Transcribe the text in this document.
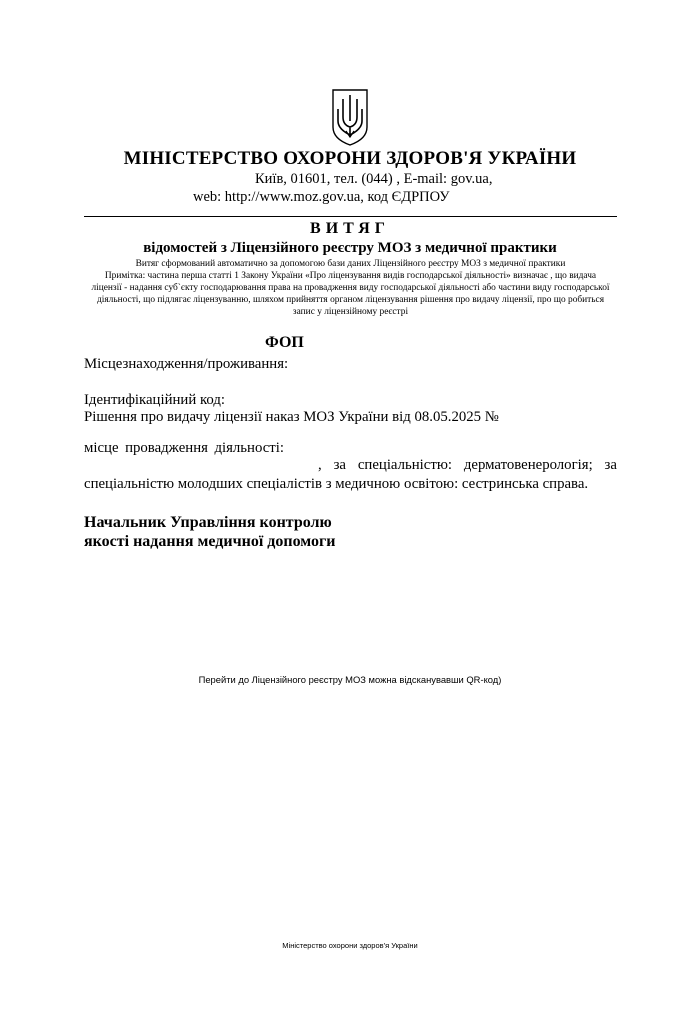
МІНІСТЕРСТВО ОХОРОНИ ЗДОРОВ'Я УКРАЇНИ
Київ, 01601, тел. (044) , E-mail: gov.ua,
web: http://www.moz.gov.ua, код ЄДРПОУ
ВИТЯГ
відомостей з Ліцензійного реєстру МОЗ з медичної практики
Витяг сформований автоматично за допомогою бази даних Ліцензійного реєстру МОЗ з медичної практики
Примітка: частина перша статті 1 Закону України «Про ліцензування видів господарської діяльності» визначає , що видача
ліцензії - надання суб`єкту господарювання права на провадження виду господарської діяльності або частини виду господарської
діяльності, що підлягає ліцензуванню, шляхом прийняття органом ліцензування рішення про видачу ліцензії, про що робиться
запис у ліцензійному реєстрі
ФОП
Місцезнаходження/проживання:
Ідентифікаційний код:
Рішення про видачу ліцензії наказ МОЗ України від 08.05.2025 №
місце провадження діяльності:
, за спеціальністю: дерматовенерологія; за
спеціальністю молодших спеціалістів з медичною освітою: сестринська справа.
Начальник Управління контролю
якості надання медичної допомоги
Перейти до Ліцензійного реєстру МОЗ можна відсканувавши QR-код)
Міністерство охорони здоров'я України
